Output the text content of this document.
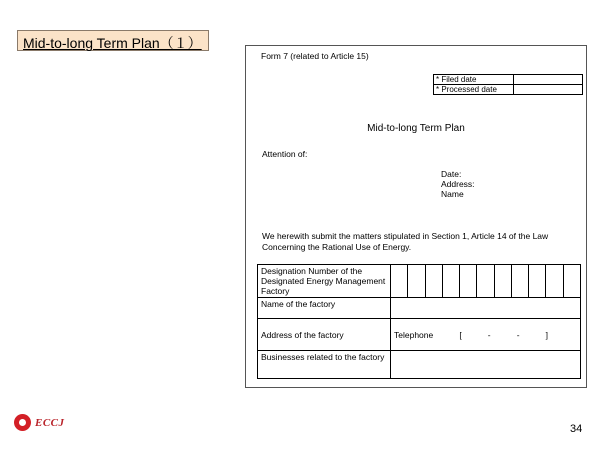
Mid-to-long Term Plan（１）
Form 7 (related to Article 15)
* Filed date	
* Processed date	
Mid-to-long Term Plan
Attention of:
Date:
Address:
Name
We herewith submit the matters stipulated in Section 1, Article 14 of the Law Concerning the Rational Use of Energy.
Designation Number of the Designated Energy Management Factory	

Name of the factory	
Address of the factory	Telephone [ - - ]

Businesses related to the factory	
ECCJ
34
